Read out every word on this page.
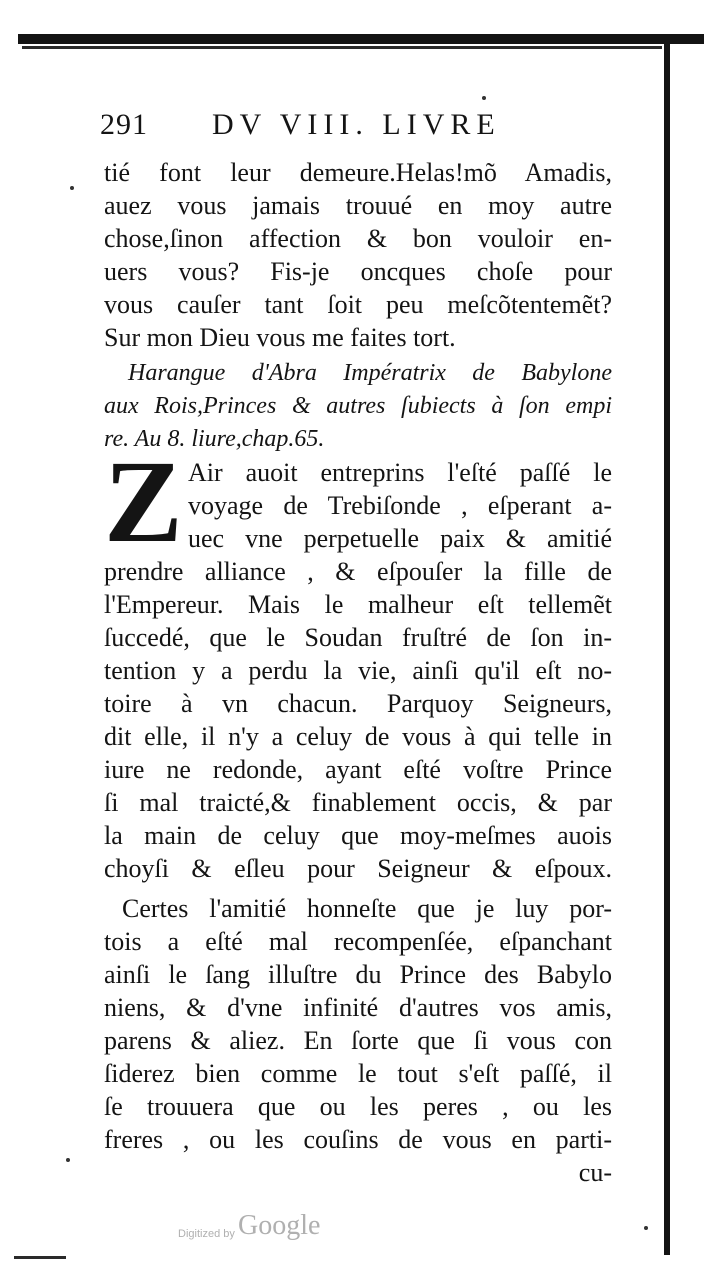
291 DV VIII. LIVRE
tié font leur demeure.Helas!mõ Amadis,
auez vous jamais trouué en moy autre
chose,ſinon affection & bon vouloir en-
uers vous? Fis-je oncques choſe pour
vous cauſer tant ſoit peu meſcõtentemẽt?
Sur mon Dieu vous me faites tort.
Harangue d'Abra Impératrix de Babylone
aux Rois,Princes & autres ſubiects à ſon empi
re. Au 8. liure,chap.65.
Z Air auoit entreprins l'eſté paſſé le
voyage de Trebiſonde , eſperant a-
uec vne perpetuelle paix & amitié
prendre alliance , & eſpouſer la fille de
l'Empereur. Mais le malheur eſt tellemẽt
ſuccedé, que le Soudan fruſtré de ſon in-
tention y a perdu la vie, ainſi qu'il eſt no-
toire à vn chacun. Parquoy Seigneurs,
dit elle, il n'y a celuy de vous à qui telle in
iure ne redonde, ayant eſté voſtre Prince
ſi mal traicté,& finablement occis, & par
la main de celuy que moy-meſmes auois
choyſi & eſleu pour Seigneur & eſpoux.
Certes l'amitié honneſte que je luy por-
tois a eſté mal recompenſée, eſpanchant
ainſi le ſang illuſtre du Prince des Babylo
niens, & d'vne infinité d'autres vos amis,
parens & aliez. En ſorte que ſi vous con
ſiderez bien comme le tout s'eſt paſſé, il
ſe trouuera que ou les peres , ou les
freres , ou les couſins de vous en parti-
cu-
Digitized by Google
